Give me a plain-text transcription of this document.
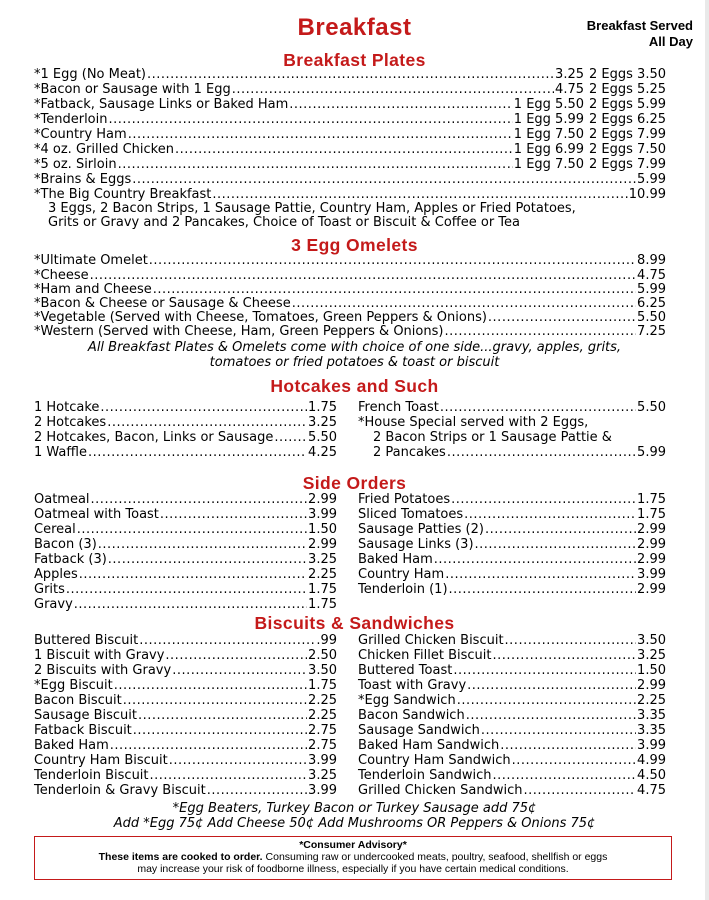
Breakfast	Breakfast Served
All Day
Breakfast Plates
*1 Egg (No Meat) .....	3.25 2 Eggs 3.50
*Bacon or Sausage with 1 Egg .....	4.75 2 Eggs 5.25
*Fatback, Sausage Links or Baked Ham .....	1 Egg 5.50 2 Eggs 5.99
*Tenderloin .....	1 Egg 5.99 2 Eggs 6.25
*Country Ham .....	1 Egg 7.50 2 Eggs 7.99
*4 oz. Grilled Chicken .....	1 Egg 6.99 2 Eggs 7.50
*5 oz. Sirloin .....	1 Egg 7.50 2 Eggs 7.99
*Brains & Eggs .....	5.99
*The Big Country Breakfast .....	10.99
3 Eggs, 2 Bacon Strips, 1 Sausage Pattie, Country Ham, Apples or Fried Potatoes,
Grits or Gravy and 2 Pancakes, Choice of Toast or Biscuit & Coffee or Tea
3 Egg Omelets
*Ultimate Omelet .....	8.99
*Cheese .....	4.75
*Ham and Cheese .....	5.99
*Bacon & Cheese or Sausage & Cheese .....	6.25
*Vegetable (Served with Cheese, Tomatoes, Green Peppers & Onions) .....	5.50
*Western (Served with Cheese, Ham, Green Peppers & Onions) .....	7.25
All Breakfast Plates & Omelets come with choice of one side...gravy, apples, grits,
tomatoes or fried potatoes & toast or biscuit
Hotcakes and Such
1 Hotcake .....	1.75
2 Hotcakes .....	3.25
2 Hotcakes, Bacon, Links or Sausage .....	5.50
1 Waffle .....	4.25
French Toast .....	5.50
*House Special served with 2 Eggs,
2 Bacon Strips or 1 Sausage Pattie &
2 Pancakes .....	5.99
Side Orders
Oatmeal .....	2.99
Oatmeal with Toast .....	3.99
Cereal .....	1.50
Bacon (3) .....	2.99
Fatback (3) .....	3.25
Apples .....	2.25
Grits .....	1.75
Gravy .....	1.75
Fried Potatoes .....	1.75
Sliced Tomatoes .....	1.75
Sausage Patties (2) .....	2.99
Sausage Links (3) .....	2.99
Baked Ham .....	2.99
Country Ham .....	3.99
Tenderloin (1) .....	2.99
Biscuits & Sandwiches
Buttered Biscuit .....	.99
1 Biscuit with Gravy .....	2.50
2 Biscuits with Gravy .....	3.50
*Egg Biscuit .....	1.75
Bacon Biscuit .....	2.25
Sausage Biscuit .....	2.25
Fatback Biscuit .....	2.75
Baked Ham .....	2.75
Country Ham Biscuit .....	3.99
Tenderloin Biscuit .....	3.25
Tenderloin & Gravy Biscuit .....	3.99
Grilled Chicken Biscuit .....	3.50
Chicken Fillet Biscuit .....	3.25
Buttered Toast .....	1.50
Toast with Gravy .....	2.99
*Egg Sandwich .....	2.25
Bacon Sandwich .....	3.35
Sausage Sandwich .....	3.35
Baked Ham Sandwich .....	3.99
Country Ham Sandwich .....	4.99
Tenderloin Sandwich .....	4.50
Grilled Chicken Sandwich .....	4.75
*Egg Beaters, Turkey Bacon or Turkey Sausage add 75¢
Add *Egg 75¢ Add Cheese 50¢ Add Mushrooms OR Peppers & Onions 75¢
*Consumer Advisory*
These items are cooked to order. Consuming raw or undercooked meats, poultry, seafood, shellfish or eggs
may increase your risk of foodborne illness, especially if you have certain medical conditions.
